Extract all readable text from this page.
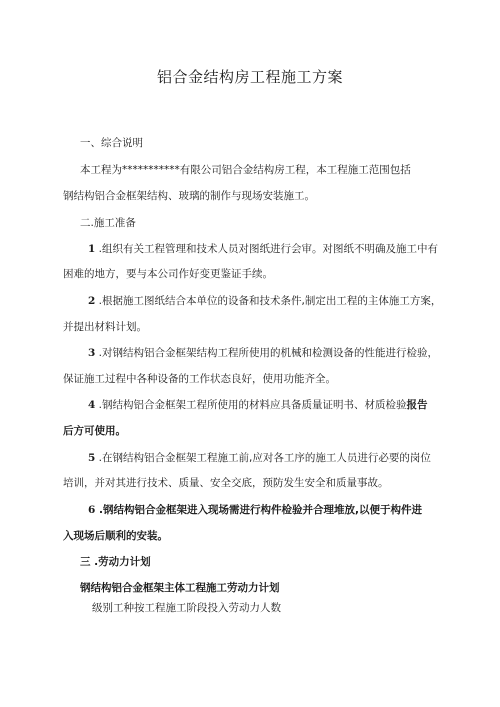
铝合金结构房工程施工方案
一、综合说明
本工程为***********有限公司铝合金结构房工程，本工程施工范围包括
钢结构铝合金框架结构、玻璃的制作与现场安装施工。
二.施工准备
1 .组织有关工程管理和技术人员对图纸进行会审。对图纸不明确及施工中有
困难的地方，要与本公司作好变更鉴证手续。
2 .根据施工图纸结合本单位的设备和技术条件,制定出工程的主体施工方案，
并提出材料计划。
3 .对钢结构铝合金框架结构工程所使用的机械和检测设备的性能进行检验，
保证施工过程中各种设备的工作状态良好，使用功能齐全。
4 .钢结构铝合金框架工程所使用的材料应具备质量证明书、材质检验报告
后方可使用。
5 .在钢结构铝合金框架工程施工前,应对各工序的施工人员进行必要的岗位
培训，并对其进行技术、质量、安全交底，预防发生安全和质量事故。
6 .钢结构铝合金框架进入现场需进行构件检验并合理堆放,以便于构件进
入现场后顺利的安装。
三 .劳动力计划
钢结构铝合金框架主体工程施工劳动力计划
级别工种按工程施工阶段投入劳动力人数
